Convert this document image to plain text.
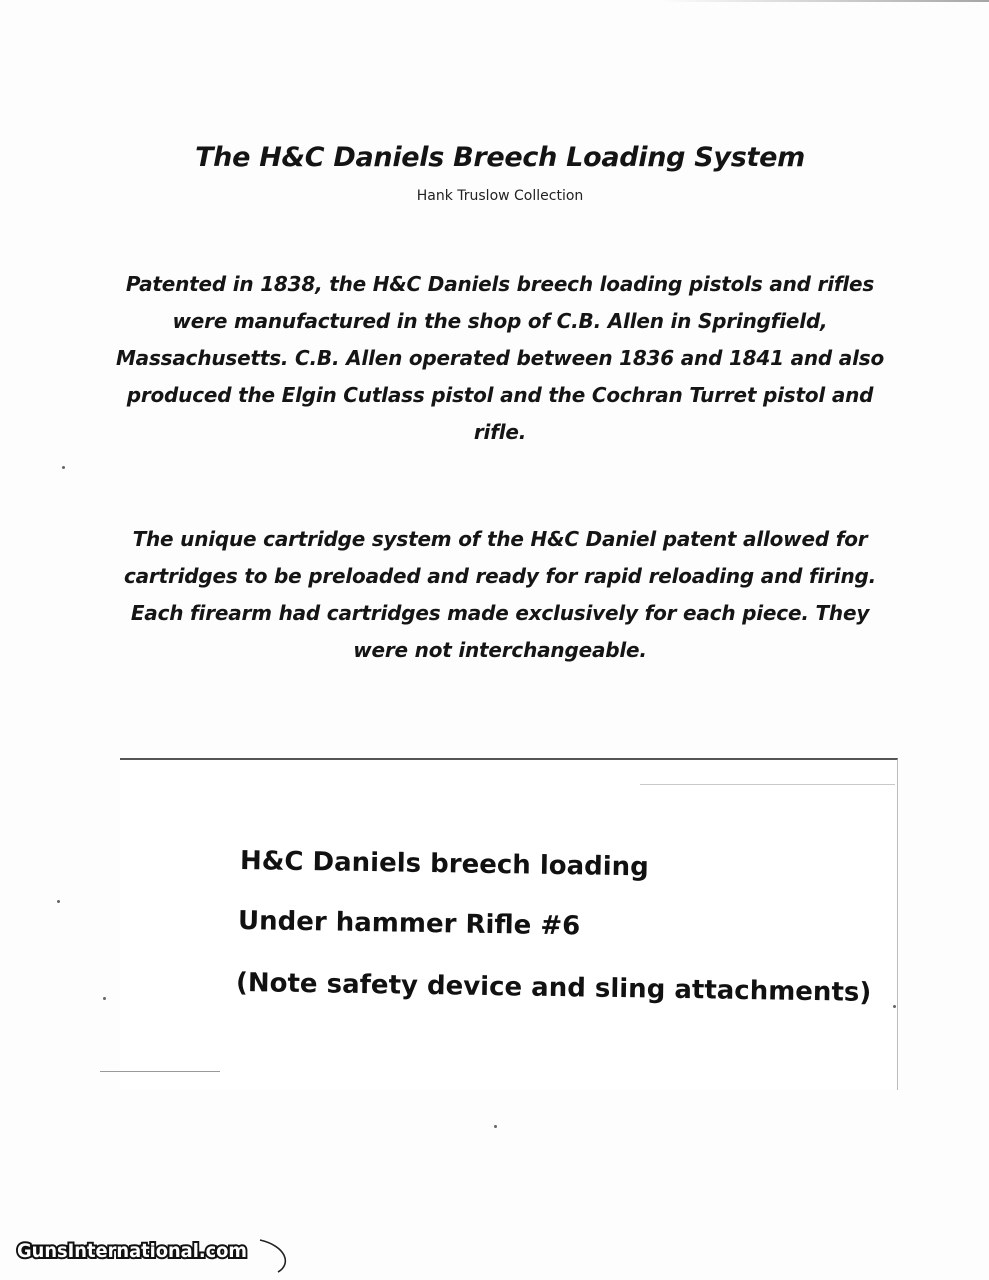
The H&C Daniels Breech Loading System
Hank Truslow Collection
Patented in 1838, the H&C Daniels breech loading pistols and rifles
were manufactured in the shop of C.B. Allen in Springfield,
Massachusetts. C.B. Allen operated between 1836 and 1841 and also
produced the Elgin Cutlass pistol and the Cochran Turret pistol and
rifle.
The unique cartridge system of the H&C Daniel patent allowed for
cartridges to be preloaded and ready for rapid reloading and firing.
Each firearm had cartridges made exclusively for each piece. They
were not interchangeable.
H&C Daniels breech loading
Under hammer Rifle #6
(Note safety device and sling attachments)
GunsInternational.com
